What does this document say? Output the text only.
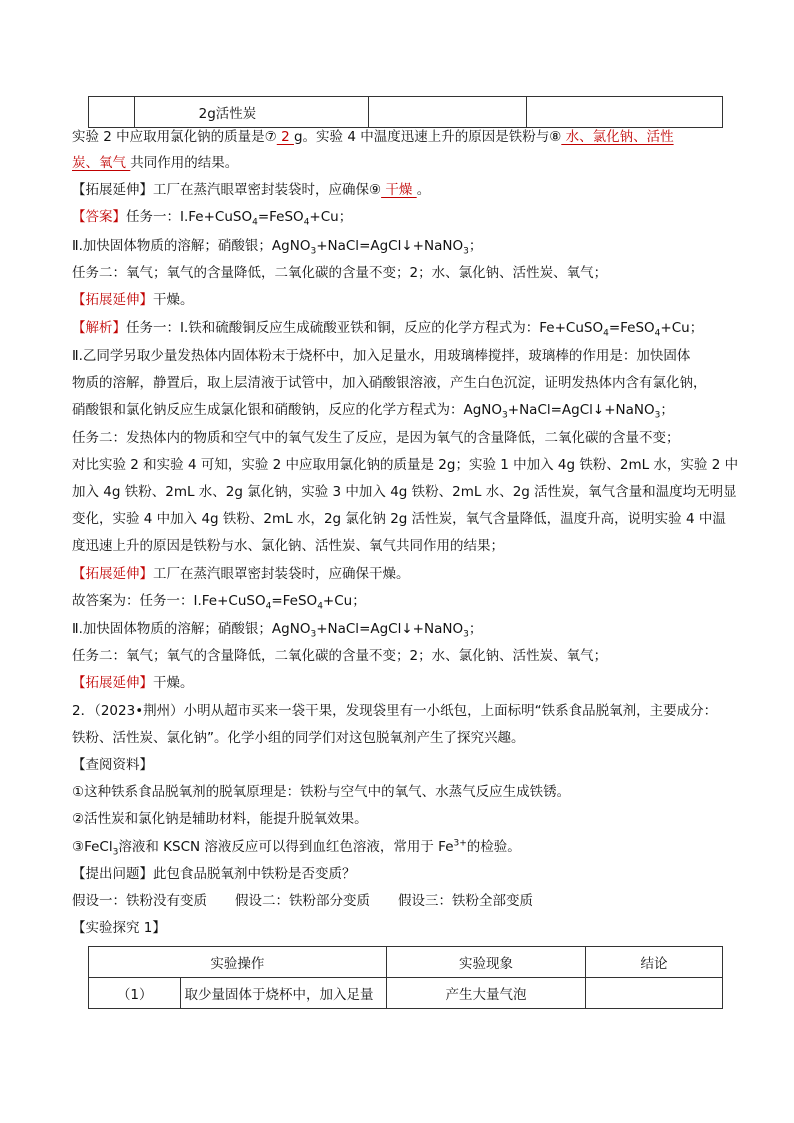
	2g活性炭		
实验 2 中应取用氯化钠的质量是⑦ 2 g。实验 4 中温度迅速上升的原因是铁粉与⑧ 水、氯化钠、活性
炭、氧气 共同作用的结果。
【拓展延伸】工厂在蒸汽眼罩密封装袋时，应确保⑨ 干燥 。
【答案】任务一：Ⅰ.Fe+CuSO$_4$=FeSO$_4$+Cu；
Ⅱ.加快固体物质的溶解；硝酸银；AgNO$_3$+NaCl=AgCl↓+NaNO$_3$；
任务二：氧气；氧气的含量降低，二氧化碳的含量不变；2；水、氯化钠、活性炭、氧气；
【拓展延伸】干燥。
【解析】任务一：Ⅰ.铁和硫酸铜反应生成硫酸亚铁和铜，反应的化学方程式为：Fe+CuSO$_4$=FeSO$_4$+Cu；
Ⅱ.乙同学另取少量发热体内固体粉末于烧杯中，加入足量水，用玻璃棒搅拌，玻璃棒的作用是：加快固体
物质的溶解，静置后，取上层清液于试管中，加入硝酸银溶液，产生白色沉淀，证明发热体内含有氯化钠，
硝酸银和氯化钠反应生成氯化银和硝酸钠，反应的化学方程式为：AgNO$_3$+NaCl=AgCl↓+NaNO$_3$；
任务二：发热体内的物质和空气中的氧气发生了反应，是因为氧气的含量降低，二氧化碳的含量不变；
对比实验 2 和实验 4 可知，实验 2 中应取用氯化钠的质量是 2g；实验 1 中加入 4g 铁粉、2mL 水，实验 2 中
加入 4g 铁粉、2mL 水、2g 氯化钠，实验 3 中加入 4g 铁粉、2mL 水、2g 活性炭，氧气含量和温度均无明显
变化，实验 4 中加入 4g 铁粉、2mL 水，2g 氯化钠 2g 活性炭，氧气含量降低，温度升高，说明实验 4 中温
度迅速上升的原因是铁粉与水、氯化钠、活性炭、氧气共同作用的结果；
【拓展延伸】工厂在蒸汽眼罩密封装袋时，应确保干燥。
故答案为：任务一：Ⅰ.Fe+CuSO$_4$=FeSO$_4$+Cu；
Ⅱ.加快固体物质的溶解；硝酸银；AgNO$_3$+NaCl=AgCl↓+NaNO$_3$；
任务二：氧气；氧气的含量降低，二氧化碳的含量不变；2；水、氯化钠、活性炭、氧气；
【拓展延伸】干燥。
2．（2023•荆州）小明从超市买来一袋干果，发现袋里有一小纸包，上面标明“铁系食品脱氧剂，主要成分：
铁粉、活性炭、氯化钠”。化学小组的同学们对这包脱氧剂产生了探究兴趣。
【查阅资料】
①这种铁系食品脱氧剂的脱氧原理是：铁粉与空气中的氧气、水蒸气反应生成铁锈。
②活性炭和氯化钠是辅助材料，能提升脱氧效果。
③FeCl$_3$溶液和 KSCN 溶液反应可以得到血红色溶液，常用于 $Fe^{3+}$的检验。
【提出问题】此包食品脱氧剂中铁粉是否变质？
假设一：铁粉没有变质 假设二：铁粉部分变质 假设三：铁粉全部变质
【实验探究 1】
实验操作		实验现象	结论
（1）	取少量固体于烧杯中，加入足量	产生大量气泡	
